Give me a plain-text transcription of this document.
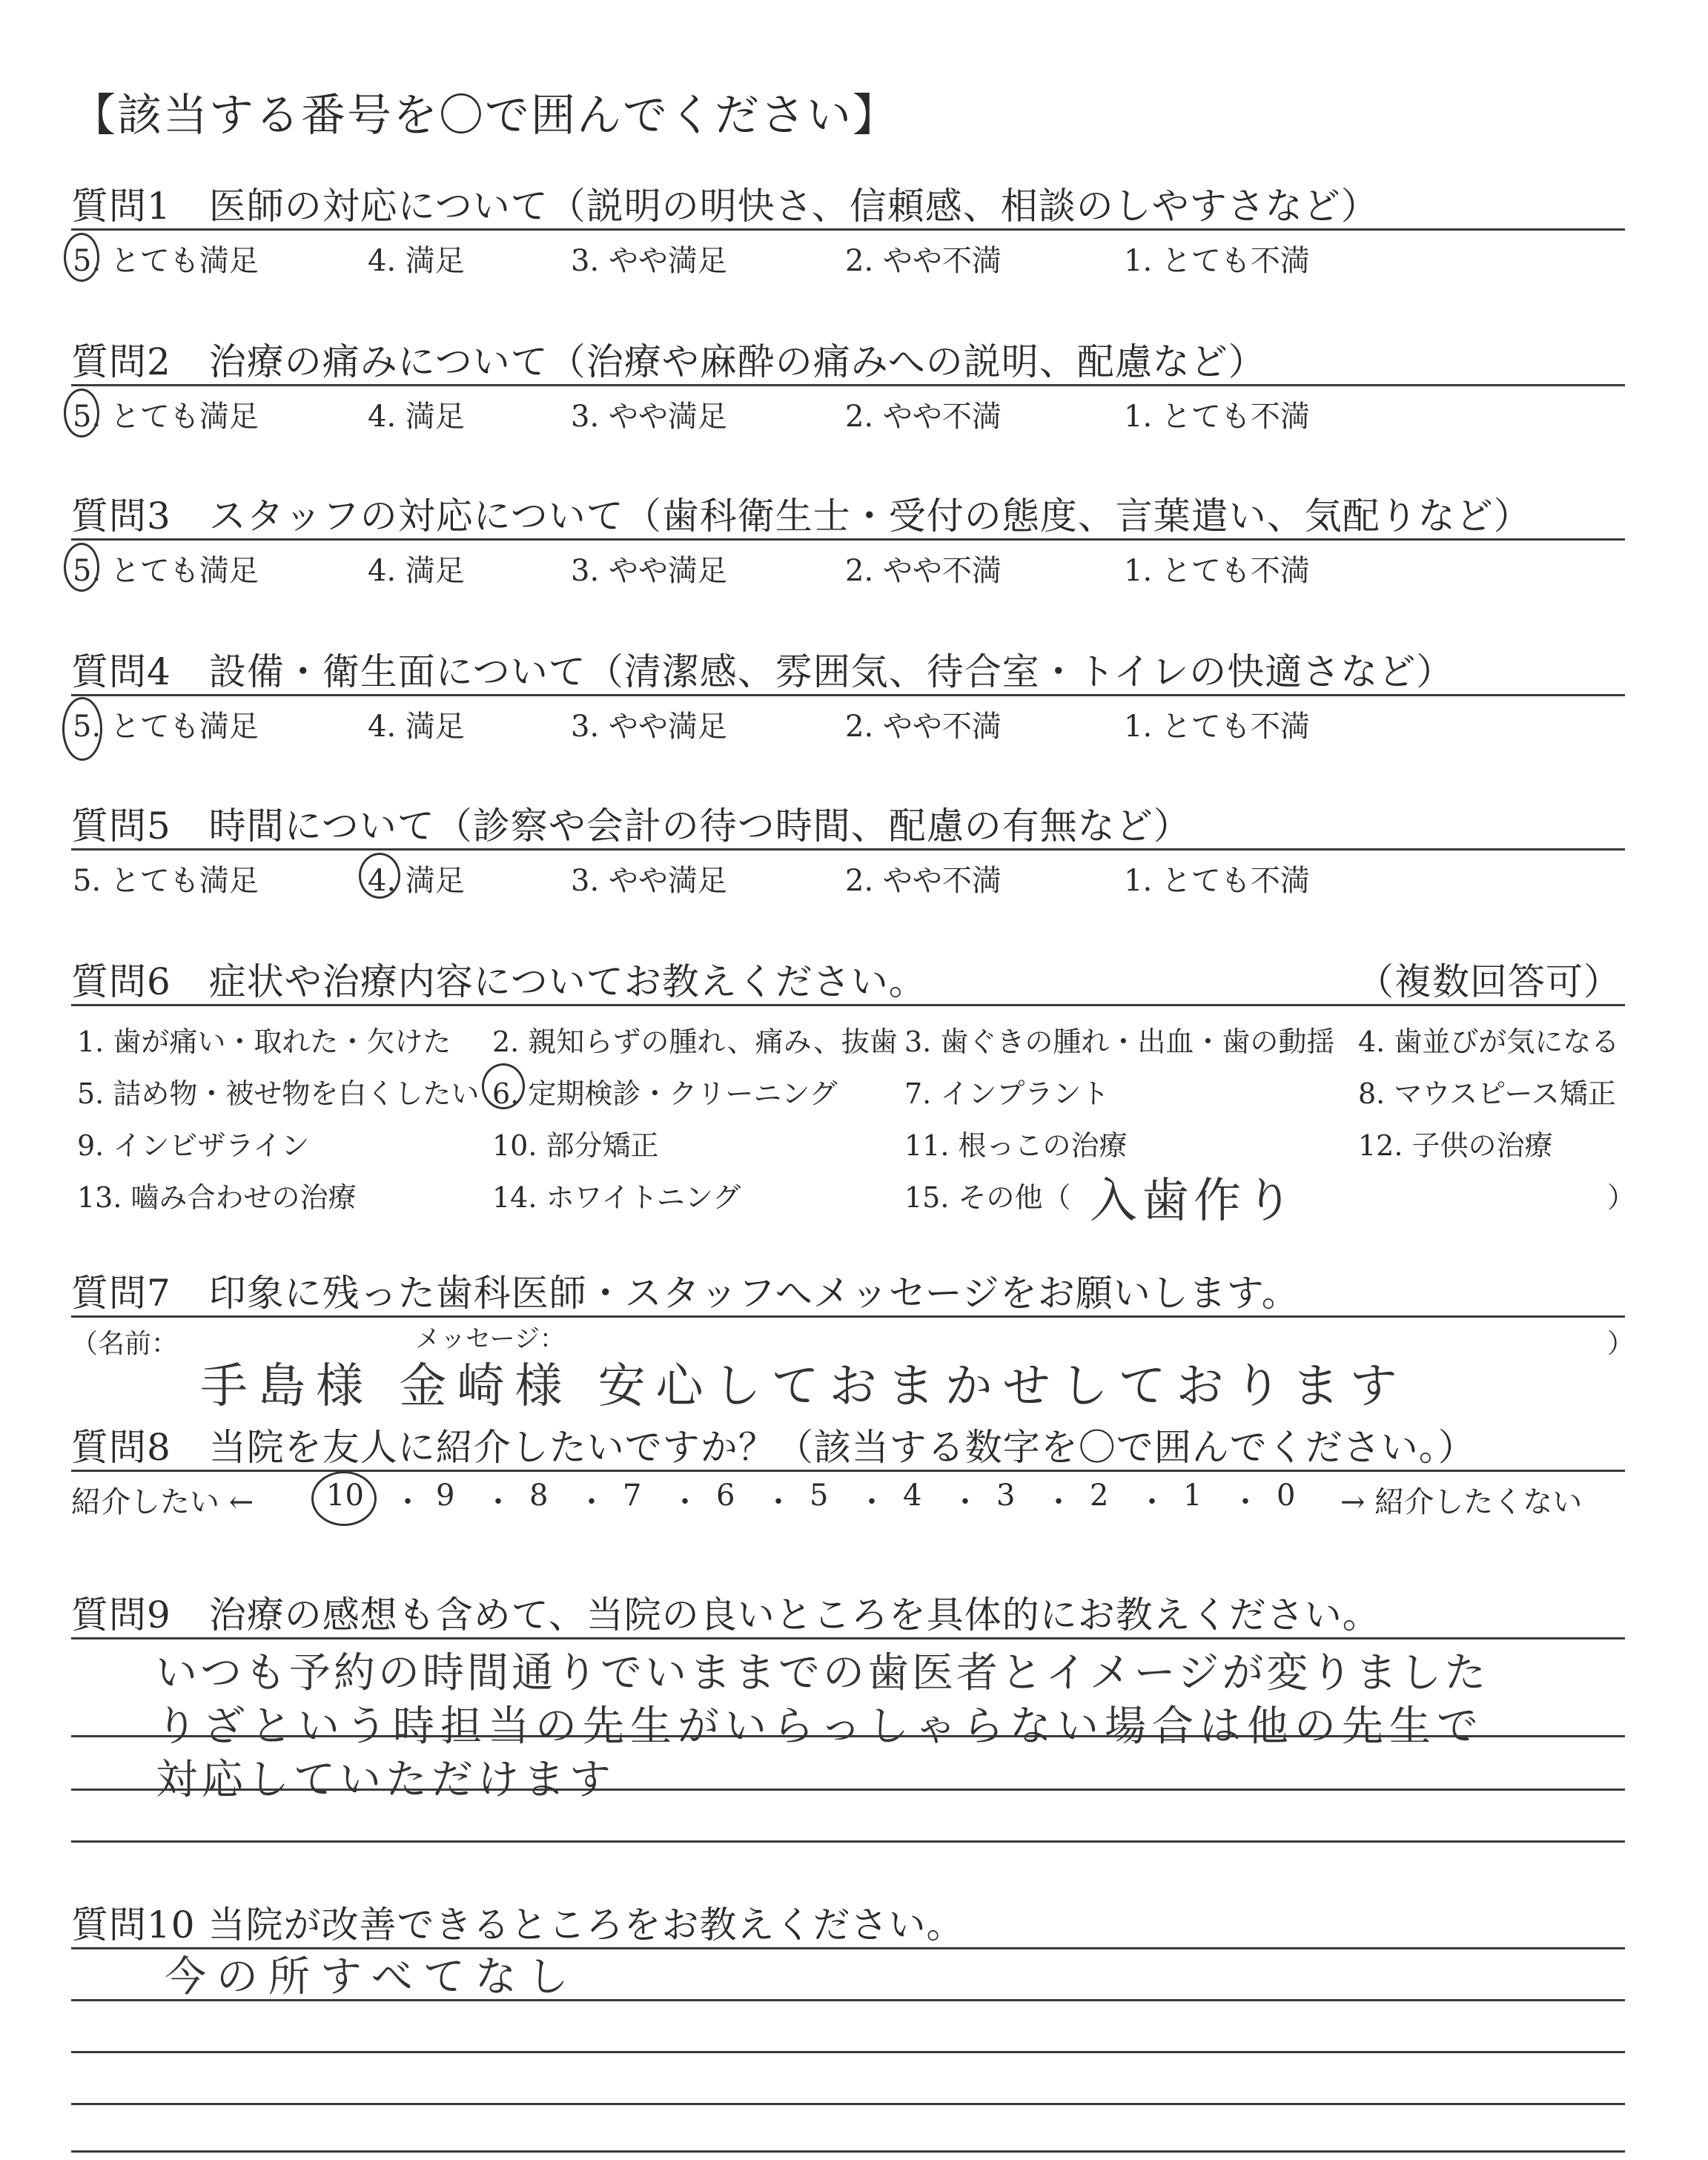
【該当する番号を〇で囲んでください】
質問1　医師の対応について（説明の明快さ、信頼感、相談のしやすさなど）
5. とても満足	4. 満足	3. やや満足	2. やや不満	1. とても不満
質問2　治療の痛みについて（治療や麻酔の痛みへの説明、配慮など）
5. とても満足	4. 満足	3. やや満足	2. やや不満	1. とても不満
質問3　スタッフの対応について（歯科衛生士・受付の態度、言葉遣い、気配りなど）
5. とても満足	4. 満足	3. やや満足	2. やや不満	1. とても不満
質問4　設備・衛生面について（清潔感、雰囲気、待合室・トイレの快適さなど）
5. とても満足	4. 満足	3. やや満足	2. やや不満	1. とても不満
質問5　時間について（診察や会計の待つ時間、配慮の有無など）
5. とても満足	4. 満足	3. やや満足	2. やや不満	1. とても不満
質問6　症状や治療内容についてお教えください。	（複数回答可）
1. 歯が痛い・取れた・欠けた 2. 親知らずの腫れ、痛み、抜歯 3. 歯ぐきの腫れ・出血・歯の動揺 4. 歯並びが気になる
5. 詰め物・被せ物を白くしたい 6. 定期検診・クリーニング 7. インプラント	8. マウスピース矯正
9. インビザライン	10. 部分矯正	11. 根っこの治療	12. 子供の治療
13. 嚙み合わせの治療	14. ホワイトニング	15. その他（ 入歯作り	）
質問7　印象に残った歯科医師・スタッフへメッセージをお願いします。
（名前：	メッセージ：	）
手島様 金崎様 安心しておまかせしております
質問8　当院を友人に紹介したいですか？（該当する数字を〇で囲んでください。）
紹介したい ←	→ 紹介したくない
10 ・ 9 ・ 8 ・ 7 ・ 6 ・ 5 ・ 4 ・ 3 ・ 2 ・ 1 ・ 0
質問9　治療の感想も含めて、当院の良いところを具体的にお教えください。
いつも予約の時間通りでいままでの歯医者とイメージが変りました
りざという時担当の先生がいらっしゃらない場合は他の先生で
対応していただけます
質問10 当院が改善できるところをお教えください。
今の所すべてなし
